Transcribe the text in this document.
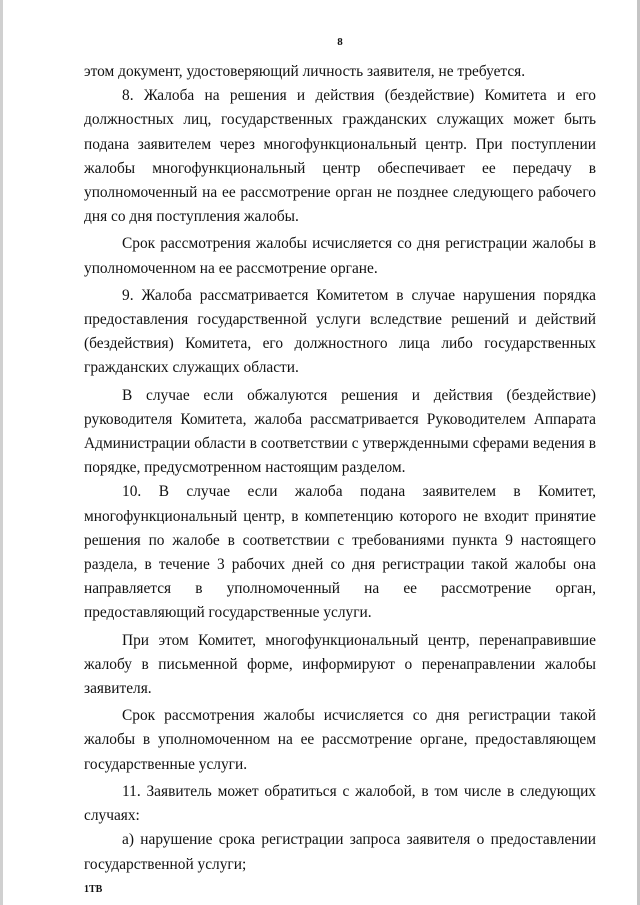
8

этом документ, удостоверяющий личность заявителя, не требуется.

8. Жалоба на решения и действия (бездействие) Комитета и его должностных лиц, государственных гражданских служащих может быть подана заявителем через многофункциональный центр. При поступлении жалобы многофункциональный центр обеспечивает ее передачу в уполномоченный на ее рассмотрение орган не позднее следующего рабочего дня со дня поступления жалобы.

Срок рассмотрения жалобы исчисляется со дня регистрации жалобы в уполномоченном на ее рассмотрение органе.

9. Жалоба рассматривается Комитетом в случае нарушения порядка предоставления государственной услуги вследствие решений и действий (бездействия) Комитета, его должностного лица либо государственных гражданских служащих области.

В случае если обжалуются решения и действия (бездействие) руководителя Комитета, жалоба рассматривается Руководителем Аппарата Администрации области в соответствии с утвержденными сферами ведения в порядке, предусмотренном настоящим разделом.

10. В случае если жалоба подана заявителем в Комитет, многофункциональный центр, в компетенцию которого не входит принятие решения по жалобе в соответствии с требованиями пункта 9 настоящего раздела, в течение 3 рабочих дней со дня регистрации такой жалобы она направляется в уполномоченный на ее рассмотрение орган, предоставляющий государственные услуги.

При этом Комитет, многофункциональный центр, перенаправившие жалобу в письменной форме, информируют о перенаправлении жалобы заявителя.

Срок рассмотрения жалобы исчисляется со дня регистрации такой жалобы в уполномоченном на ее рассмотрение органе, предоставляющем государственные услуги.

11. Заявитель может обратиться с жалобой, в том числе в следующих случаях:

а) нарушение срока регистрации запроса заявителя о предоставлении государственной услуги;

1ТВ
